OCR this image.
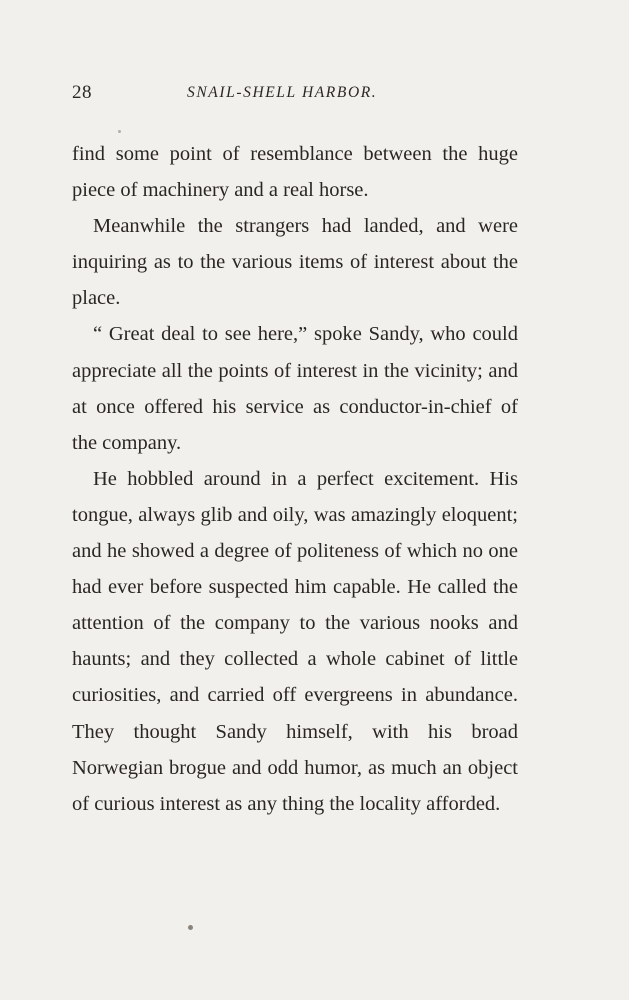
28	SNAIL-SHELL HARBOR.

find some point of resemblance between the huge piece of machinery and a real horse.

Meanwhile the strangers had landed, and were inquiring as to the various items of interest about the place.

“ Great deal to see here,” spoke Sandy, who could appreciate all the points of interest in the vicinity; and at once offered his service as conductor-in-chief of the company.

He hobbled around in a perfect excitement. His tongue, always glib and oily, was amazingly eloquent; and he showed a degree of politeness of which no one had ever before suspected him capable. He called the attention of the company to the various nooks and haunts; and they collected a whole cabinet of little curiosities, and carried off evergreens in abundance. They thought Sandy himself, with his broad Norwegian brogue and odd humor, as much an object of curious interest as any thing the locality afforded.
